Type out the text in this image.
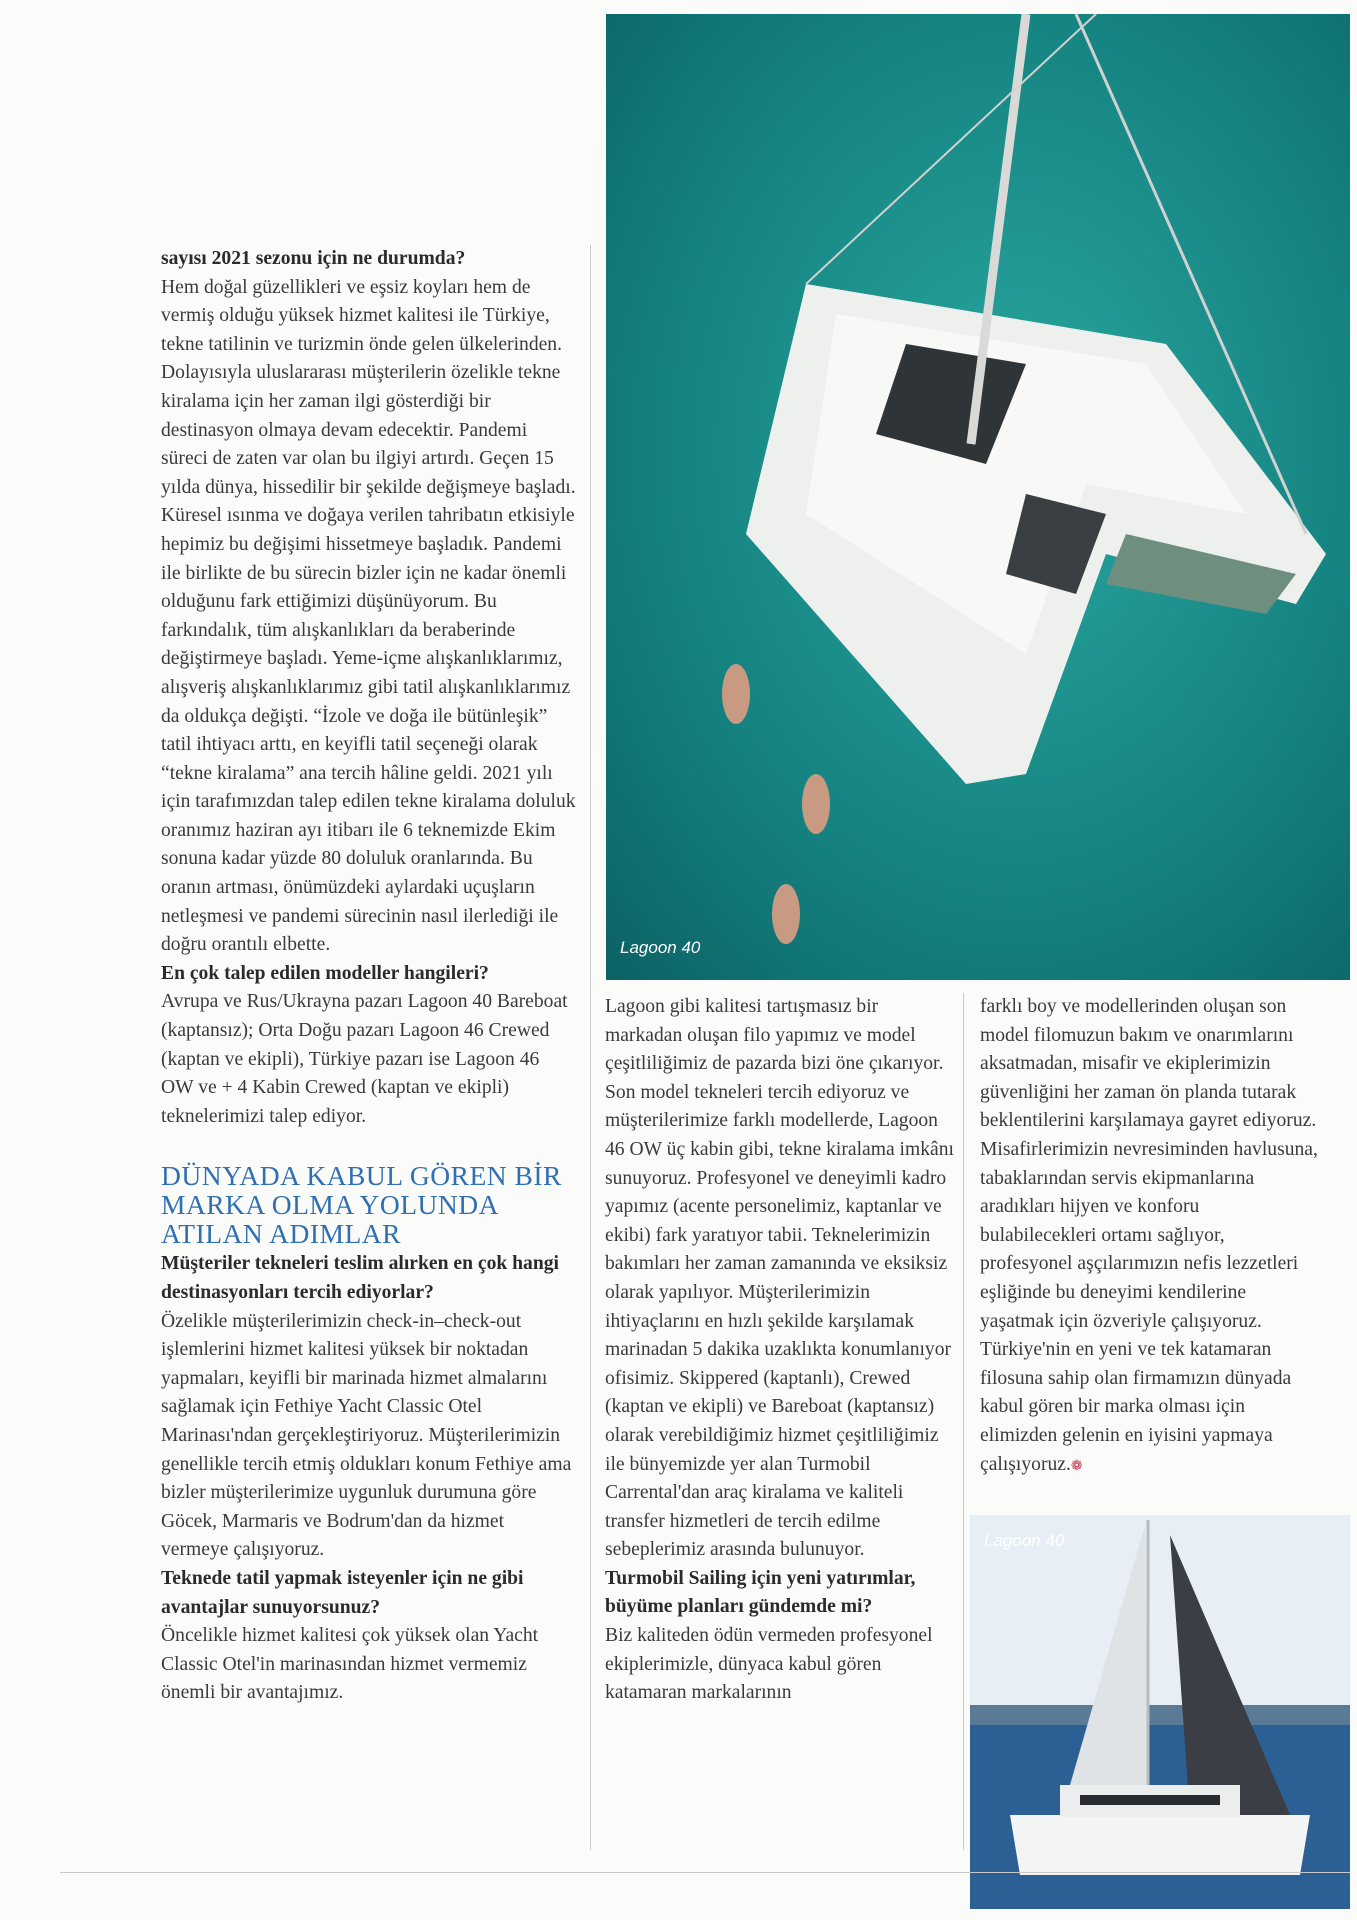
Lagoon 40
Lagoon 40

sayısı 2021 sezonu için ne durumda?

Hem doğal güzellikleri ve eşsiz koyları hem de vermiş olduğu yüksek hizmet kalitesi ile Türkiye, tekne tatilinin ve turizmin önde gelen ülkelerinden. Dolayısıyla uluslararası müşterilerin özelikle tekne kiralama için her zaman ilgi gösterdiği bir destinasyon olmaya devam edecektir. Pandemi süreci de zaten var olan bu ilgiyi artırdı. Geçen 15 yılda dünya, hissedilir bir şekilde değişmeye başladı. Küresel ısınma ve doğaya verilen tahribatın etkisiyle hepimiz bu değişimi hissetmeye başladık. Pandemi ile birlikte de bu sürecin bizler için ne kadar önemli olduğunu fark ettiğimizi düşünüyorum. Bu farkındalık, tüm alışkanlıkları da beraberinde değiştirmeye başladı. Yeme-içme alışkanlıklarımız, alışveriş alışkanlıklarımız gibi tatil alışkanlıklarımız da oldukça değişti. “İzole ve doğa ile bütünleşik” tatil ihtiyacı arttı, en keyifli tatil seçeneği olarak “tekne kiralama” ana tercih hâline geldi. 2021 yılı için tarafımızdan talep edilen tekne kiralama doluluk oranımız haziran ayı itibarı ile 6 teknemizde Ekim sonuna kadar yüzde 80 doluluk oranlarında. Bu oranın artması, önümüzdeki aylardaki uçuşların netleşmesi ve pandemi sürecinin nasıl ilerlediği ile doğru orantılı elbette.

En çok talep edilen modeller hangileri?

Avrupa ve Rus/Ukrayna pazarı Lagoon 40 Bareboat (kaptansız); Orta Doğu pazarı Lagoon 46 Crewed (kaptan ve ekipli), Türkiye pazarı ise Lagoon 46 OW ve + 4 Kabin Crewed (kaptan ve ekipli) teknelerimizi talep ediyor.

DÜNYADA KABUL GÖREN BİR MARKA OLMA YOLUNDA ATILAN ADIMLAR

Müşteriler tekneleri teslim alırken en çok hangi destinasyonları tercih ediyorlar?

Özelikle müşterilerimizin check-in–check-out işlemlerini hizmet kalitesi yüksek bir noktadan yapmaları, keyifli bir marinada hizmet almalarını sağlamak için Fethiye Yacht Classic Otel Marinası'ndan gerçekleştiriyoruz. Müşterilerimizin genellikle tercih etmiş oldukları konum Fethiye ama bizler müşterilerimize uygunluk durumuna göre Göcek, Marmaris ve Bodrum'dan da hizmet vermeye çalışıyoruz.

Teknede tatil yapmak isteyenler için ne gibi avantajlar sunuyorsunuz?

Öncelikle hizmet kalitesi çok yüksek olan Yacht Classic Otel'in marinasından hizmet vermemiz önemli bir avantajımız.

Lagoon gibi kalitesi tartışmasız bir markadan oluşan filo yapımız ve model çeşitliliğimiz de pazarda bizi öne çıkarıyor. Son model tekneleri tercih ediyoruz ve müşterilerimize farklı modellerde, Lagoon 46 OW üç kabin gibi, tekne kiralama imkânı sunuyoruz. Profesyonel ve deneyimli kadro yapımız (acente personelimiz, kaptanlar ve ekibi) fark yaratıyor tabii. Teknelerimizin bakımları her zaman zamanında ve eksiksiz olarak yapılıyor. Müşterilerimizin ihtiyaçlarını en hızlı şekilde karşılamak marinadan 5 dakika uzaklıkta konumlanıyor ofisimiz. Skippered (kaptanlı), Crewed (kaptan ve ekipli) ve Bareboat (kaptansız) olarak verebildiğimiz hizmet çeşitliliğimiz ile bünyemizde yer alan Turmobil Carrental'dan araç kiralama ve kaliteli transfer hizmetleri de tercih edilme sebeplerimiz arasında bulunuyor.

Turmobil Sailing için yeni yatırımlar, büyüme planları gündemde mi?

Biz kaliteden ödün vermeden profesyonel ekiplerimizle, dünyaca kabul gören katamaran markalarının

farklı boy ve modellerinden oluşan son model filomuzun bakım ve onarımlarını aksatmadan, misafir ve ekiplerimizin güvenliğini her zaman ön planda tutarak beklentilerini karşılamaya gayret ediyoruz. Misafirlerimizin nevresiminden havlusuna, tabaklarından servis ekipmanlarına aradıkları hijyen ve konforu bulabilecekleri ortamı sağlıyor, profesyonel aşçılarımızın nefis lezzetleri eşliğinde bu deneyimi kendilerine yaşatmak için özveriyle çalışıyoruz. Türkiye'nin en yeni ve tek katamaran filosuna sahip olan firmamızın dünyada kabul gören bir marka olması için elimizden gelenin en iyisini yapmaya çalışıyoruz.❁
